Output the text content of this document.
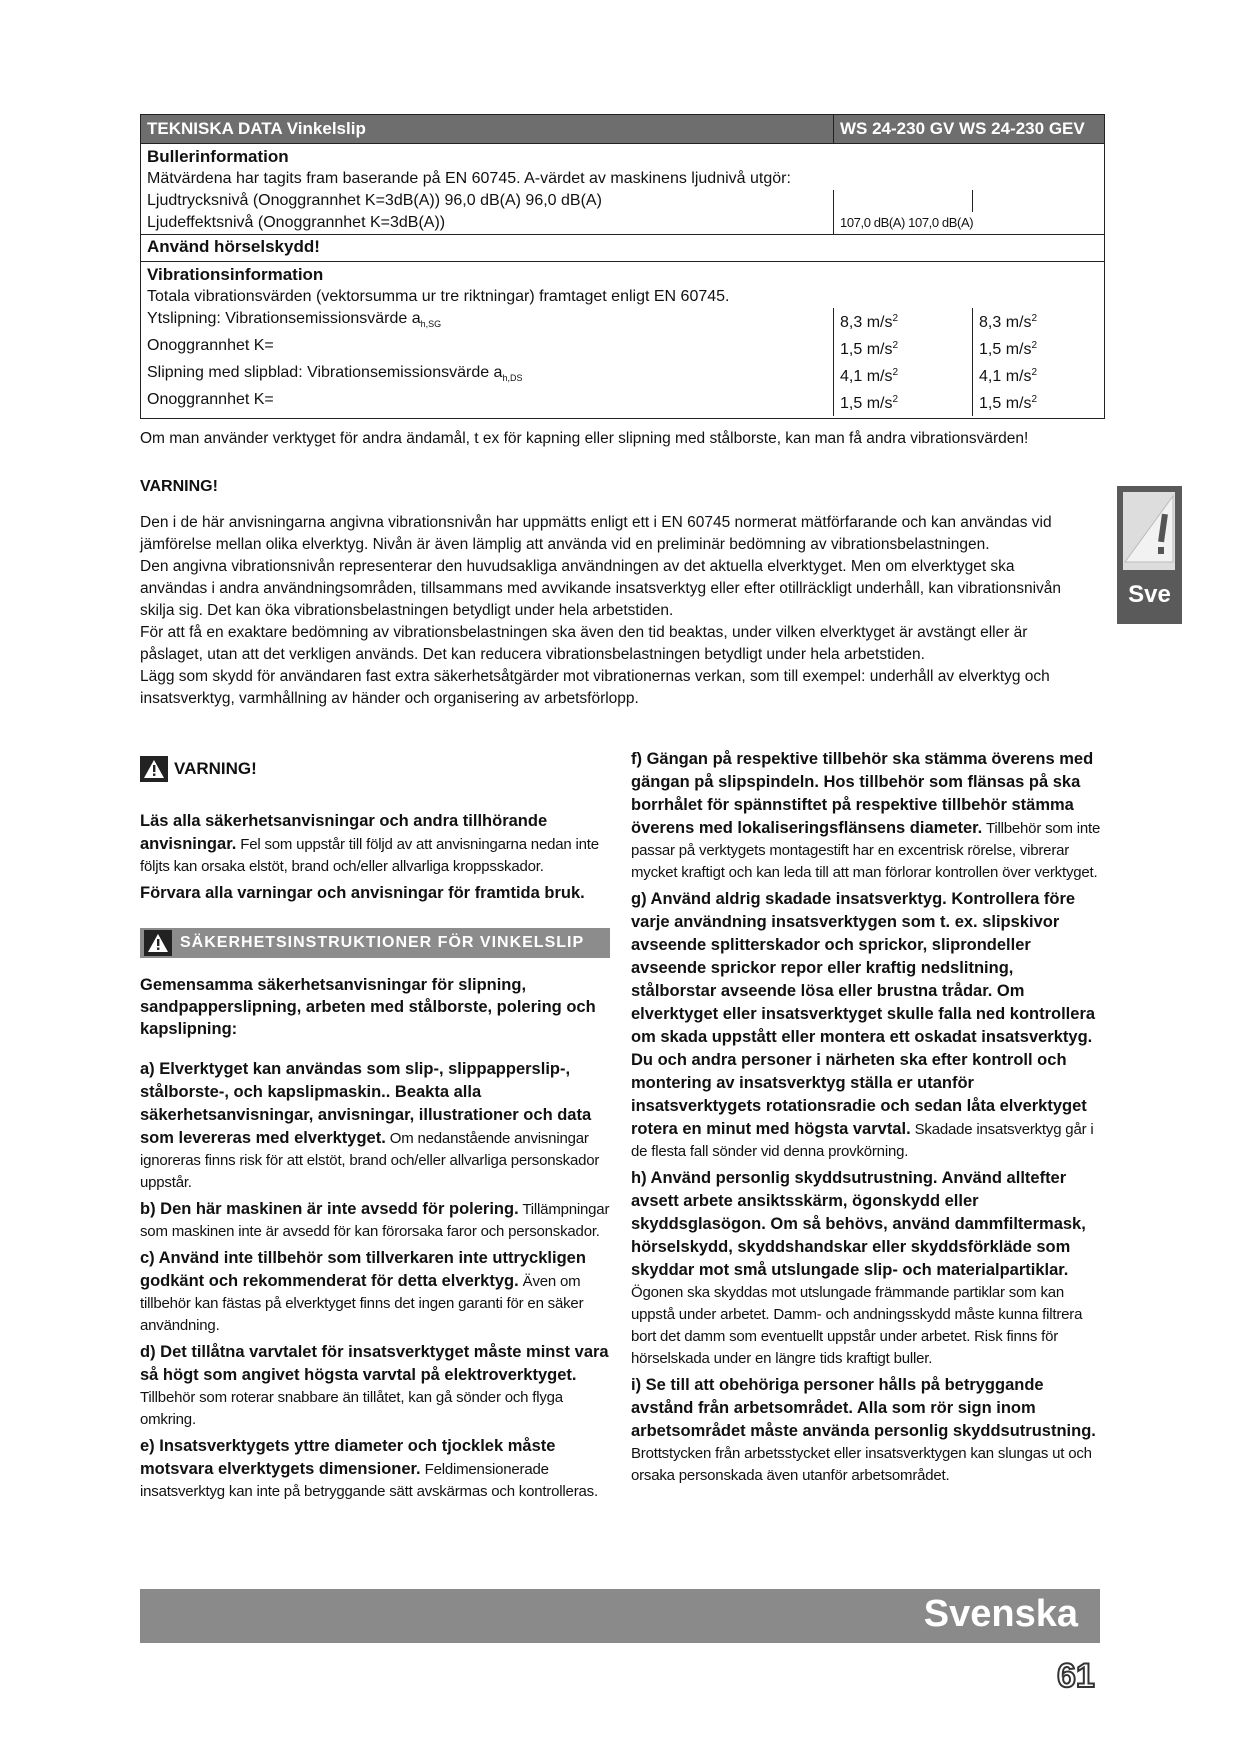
TEKNISKA DATA Vinkelslip	WS 24-230 GV WS 24-230 GEV
Bullerinformation
Mätvärdena har tagits fram baserande på EN 60745. A-värdet av maskinens ljudnivå utgör:
Ljudtrycksnivå (Onoggrannhet K=3dB(A)) 96,0 dB(A) 96,0 dB(A)
Ljudeffektsnivå (Onoggrannhet K=3dB(A))	107,0 dB(A) 107,0 dB(A)
Använd hörselskydd!
Vibrationsinformation
Totala vibrationsvärden (vektorsumma ur tre riktningar) framtaget enligt EN 60745.
Ytslipning: Vibrationsemissionsvärde $a_{h,SG}$	8,3 $m/s^2$	8,3 $m/s^2$
Onoggrannhet K=	1,5 $m/s^2$	1,5 $m/s^2$
Slipning med slipblad: Vibrationsemissionsvärde $a_{h,DS}$	4,1 $m/s^2$	4,1 $m/s^2$
Onoggrannhet K=	1,5 $m/s^2$	1,5 $m/s^2$
Om man använder verktyget för andra ändamål, t ex för kapning eller slipning med stålborste, kan man få andra vibrationsvärden!
VARNING!

Den i de här anvisningarna angivna vibrationsnivån har uppmätts enligt ett i EN 60745 normerat mätförfarande och kan användas vid jämförelse mellan olika elverktyg. Nivån är även lämplig att använda vid en preliminär bedömning av vibrationsbelastningen.

Den angivna vibrationsnivån representerar den huvudsakliga användningen av det aktuella elverktyget. Men om elverktyget ska användas i andra användningsområden, tillsammans med avvikande insatsverktyg eller efter otillräckligt underhåll, kan vibrationsnivån skilja sig. Det kan öka vibrationsbelastningen betydligt under hela arbetstiden.

För att få en exaktare bedömning av vibrationsbelastningen ska även den tid beaktas, under vilken elverktyget är avstängt eller är påslaget, utan att det verkligen används. Det kan reducera vibrationsbelastningen betydligt under hela arbetstiden.

Lägg som skydd för användaren fast extra säkerhetsåtgärder mot vibrationernas verkan, som till exempel: underhåll av elverktyg och insatsverktyg, varmhållning av händer och organisering av arbetsförlopp.

Sve
VARNING!

Läs alla säkerhetsanvisningar och andra tillhörande anvisningar. Fel som uppstår till följd av att anvisningarna nedan inte följts kan orsaka elstöt, brand och/eller allvarliga kroppsskador.

Förvara alla varningar och anvisningar för framtida bruk.

SÄKERHETSINSTRUKTIONER FÖR VINKELSLIP

Gemensamma säkerhetsanvisningar för slipning, sandpapperslipning, arbeten med stålborste, polering och kapslipning:

a) Elverktyget kan användas som slip-, slippapperslip-, stålborste-, och kapslipmaskin.. Beakta alla säkerhetsanvisningar, anvisningar, illustrationer och data som levereras med elverktyget. Om nedanstående anvisningar ignoreras finns risk för att elstöt, brand och/eller allvarliga personskador uppstår.

b) Den här maskinen är inte avsedd för polering. Tillämpningar som maskinen inte är avsedd för kan förorsaka faror och personskador.

c) Använd inte tillbehör som tillverkaren inte uttryckligen godkänt och rekommenderat för detta elverktyg. Även om tillbehör kan fästas på elverktyget finns det ingen garanti för en säker användning.

d) Det tillåtna varvtalet för insatsverktyget måste minst vara så högt som angivet högsta varvtal på elektroverktyget. Tillbehör som roterar snabbare än tillåtet, kan gå sönder och flyga omkring.

e) Insatsverktygets yttre diameter och tjocklek måste motsvara elverktygets dimensioner. Feldimensionerade insatsverktyg kan inte på betryggande sätt avskärmas och kontrolleras.

f) Gängan på respektive tillbehör ska stämma överens med gängan på slipspindeln. Hos tillbehör som flänsas på ska borrhålet för spännstiftet på respektive tillbehör stämma överens med lokaliseringsflänsens diameter. Tillbehör som inte passar på verktygets montagestift har en excentrisk rörelse, vibrerar mycket kraftigt och kan leda till att man förlorar kontrollen över verktyget.

g) Använd aldrig skadade insatsverktyg. Kontrollera före varje användning insatsverktygen som t. ex. slipskivor avseende splitterskador och sprickor, sliprondeller avseende sprickor repor eller kraftig nedslitning, stålborstar avseende lösa eller brustna trådar. Om elverktyget eller insatsverktyget skulle falla ned kontrollera om skada uppstått eller montera ett oskadat insatsverktyg. Du och andra personer i närheten ska efter kontroll och montering av insatsverktyg ställa er utanför insatsverktygets rotationsradie och sedan låta elverktyget rotera en minut med högsta varvtal. Skadade insatsverktyg går i de flesta fall sönder vid denna provkörning.

h) Använd personlig skyddsutrustning. Använd alltefter avsett arbete ansiktsskärm, ögonskydd eller skyddsglasögon. Om så behövs, använd dammfiltermask, hörselskydd, skyddshandskar eller skyddsförkläde som skyddar mot små utslungade slip- och materialpartiklar. Ögonen ska skyddas mot utslungade främmande partiklar som kan uppstå under arbetet. Damm- och andningsskydd måste kunna filtrera bort det damm som eventuellt uppstår under arbetet. Risk finns för hörselskada under en längre tids kraftigt buller.

i) Se till att obehöriga personer hålls på betryggande avstånd från arbetsområdet. Alla som rör sign inom arbetsområdet måste använda personlig skyddsutrustning. Brottstycken från arbetsstycket eller insatsverktygen kan slungas ut och orsaka personskada även utanför arbetsområdet.

Svenska
61
